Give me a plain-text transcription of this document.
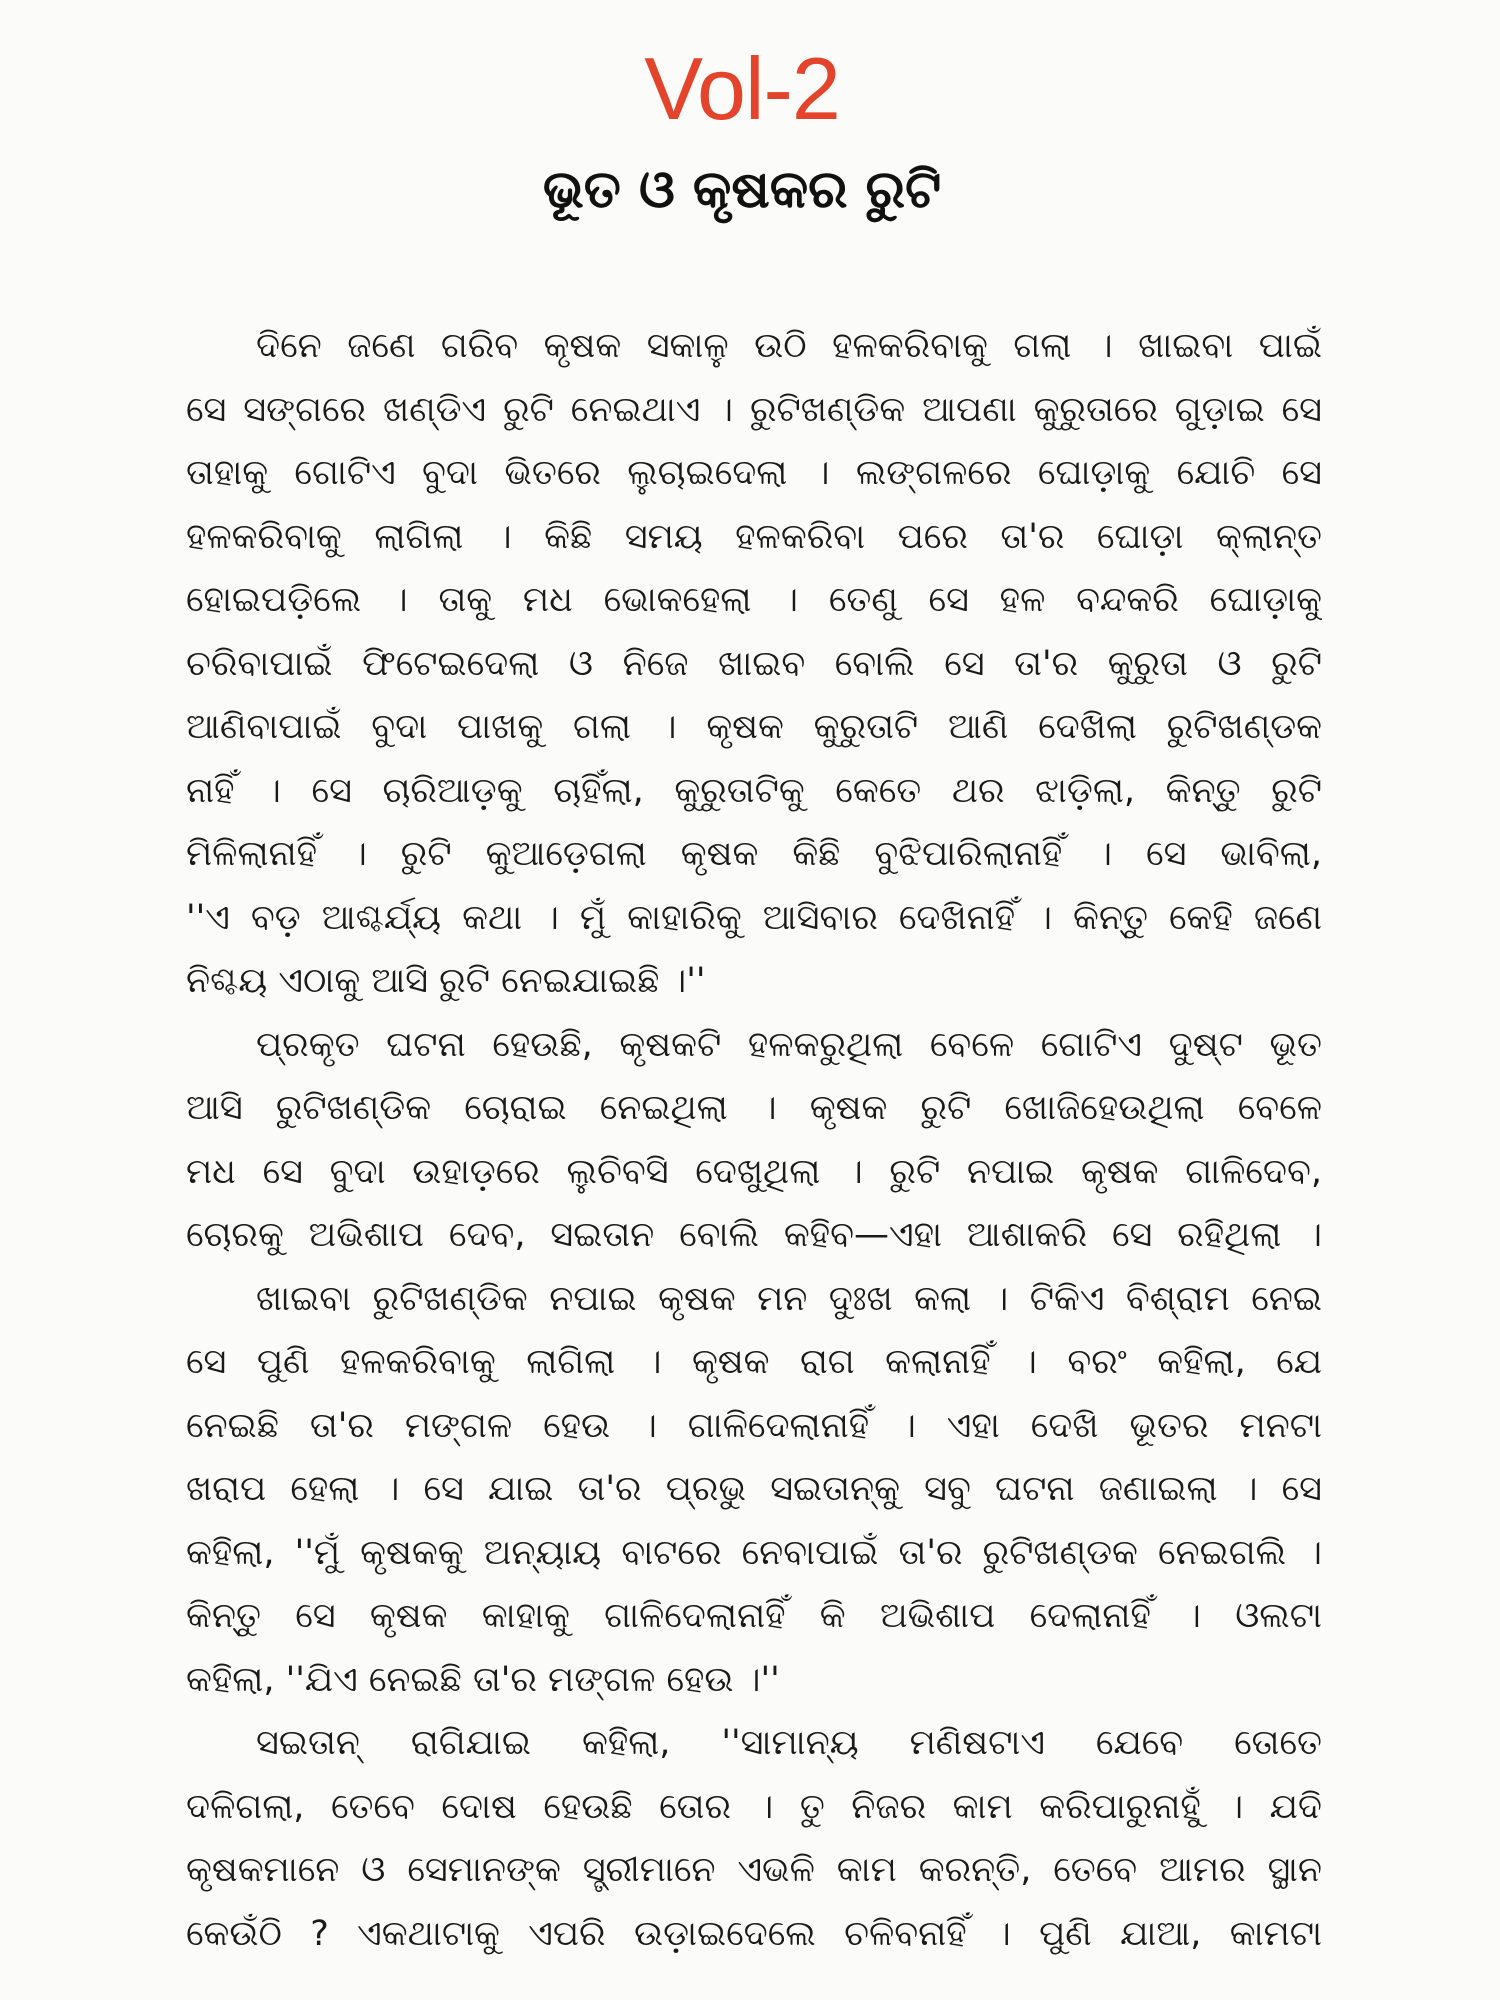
Vol-2
ଭୂତ ଓ କୃଷକର ରୁଟି
ଦିନେ ଜଣେ ଗରିବ କୃଷକ ସକାଳୁ ଉଠି ହଳକରିବାକୁ ଗଲା । ଖାଇବା ପାଇଁ
ସେ ସଙ୍ଗରେ ଖଣ୍ଡିଏ ରୁଟି ନେଇଥାଏ । ରୁଟିଖଣ୍ଡିକ ଆପଣା କୁରୁତାରେ ଗୁଡ଼ାଇ ସେ
ତାହାକୁ ଗୋଟିଏ ବୁଦା ଭିତରେ ଲୁଚାଇଦେଲା । ଲଙ୍ଗଳରେ ଘୋଡ଼ାକୁ ଯୋଚି ସେ
ହଳକରିବାକୁ ଲାଗିଲା । କିଛି ସମୟ ହଳକରିବା ପରେ ତା'ର ଘୋଡ଼ା କ୍ଲାନ୍ତ
ହୋଇପଡ଼ିଲେ । ତାକୁ ମଧ ଭୋକହେଲା । ତେଣୁ ସେ ହଳ ବନ୍ଦକରି ଘୋଡ଼ାକୁ
ଚରିବାପାଇଁ ଫିଟେଇଦେଲା ଓ ନିଜେ ଖାଇବ ବୋଲି ସେ ତା'ର କୁରୁତା ଓ ରୁଟି
ଆଣିବାପାଇଁ ବୁଦା ପାଖକୁ ଗଲା । କୃଷକ କୁରୁତାଟି ଆଣି ଦେଖିଲା ରୁଟିଖଣ୍ଡକ
ନାହିଁ । ସେ ଚାରିଆଡ଼କୁ ଚାହିଁଲା, କୁରୁତାଟିକୁ କେତେ ଥର ଝାଡ଼ିଲା, କିନ୍ତୁ ରୁଟି
ମିଳିଲାନାହିଁ । ରୁଟି କୁଆଡ଼େଗଲା କୃଷକ କିଛି ବୁଝିପାରିଲାନାହିଁ । ସେ ଭାବିଲା,
''ଏ ବଡ଼ ଆଶ୍ଚର୍ଯ୍ୟ କଥା । ମୁଁ କାହାରିକୁ ଆସିବାର ଦେଖିନାହିଁ । କିନ୍ତୁ କେହି ଜଣେ
ନିଶ୍ଚୟ ଏଠାକୁ ଆସି ରୁଟି ନେଇଯାଇଛି ।''
ପ୍ରକୃତ ଘଟନା ହେଉଛି, କୃଷକଟି ହଳକରୁଥିଲା ବେଳେ ଗୋଟିଏ ଦୁଷ୍ଟ ଭୂତ
ଆସି ରୁଟିଖଣ୍ଡିକ ଚୋରାଇ ନେଇଥିଲା । କୃଷକ ରୁଟି ଖୋଜିହେଉଥିଲା ବେଳେ
ମଧ ସେ ବୁଦା ଉହାଡ଼ରେ ଲୁଚିବସି ଦେଖୁଥିଲା । ରୁଟି ନପାଇ କୃଷକ ଗାଳିଦେବ,
ଚୋରକୁ ଅଭିଶାପ ଦେବ, ସଇତାନ ବୋଲି କହିବ—ଏହା ଆଶାକରି ସେ ରହିଥିଲା ।
ଖାଇବା ରୁଟିଖଣ୍ଡିକ ନପାଇ କୃଷକ ମନ ଦୁଃଖ କଲା । ଟିକିଏ ବିଶ୍ରାମ ନେଇ
ସେ ପୁଣି ହଳକରିବାକୁ ଲାଗିଲା । କୃଷକ ରାଗ କଲାନାହିଁ । ବରଂ କହିଲା, ଯେ
ନେଇଛି ତା'ର ମଙ୍ଗଳ ହେଉ । ଗାଳିଦେଲାନାହିଁ । ଏହା ଦେଖି ଭୂତର ମନଟା
ଖରାପ ହେଲା । ସେ ଯାଇ ତା'ର ପ୍ରଭୁ ସଇତାନ୍‌କୁ ସବୁ ଘଟନା ଜଣାଇଲା । ସେ
କହିଲା, ''ମୁଁ କୃଷକକୁ ଅନ୍ୟାୟ ବାଟରେ ନେବାପାଇଁ ତା'ର ରୁଟିଖଣ୍ଡକ ନେଇଗଲି ।
କିନ୍ତୁ ସେ କୃଷକ କାହାକୁ ଗାଳିଦେଲାନାହିଁ କି ଅଭିଶାପ ଦେଲାନାହିଁ । ଓଲଟା
କହିଲା, ''ଯିଏ ନେଇଛି ତା'ର ମଙ୍ଗଳ ହେଉ ।''
ସଇତାନ୍ ରାଗିଯାଇ କହିଲା, ''ସାମାନ୍ୟ ମଣିଷଟାଏ ଯେବେ ତୋତେ
ଦଳିଗଲା, ତେବେ ଦୋଷ ହେଉଛି ତୋର । ତୁ ନିଜର କାମ କରିପାରୁନାହୁଁ । ଯଦି
କୃଷକମାନେ ଓ ସେମାନଙ୍କ ସ୍ତ୍ରୀମାନେ ଏଭଳି କାମ କରନ୍ତି, ତେବେ ଆମର ସ୍ଥାନ
କେଉଁଠି ? ଏକଥାଟାକୁ ଏପରି ଉଡ଼ାଇଦେଲେ ଚଳିବନାହିଁ । ପୁଣି ଯାଆ, କାମଟା
